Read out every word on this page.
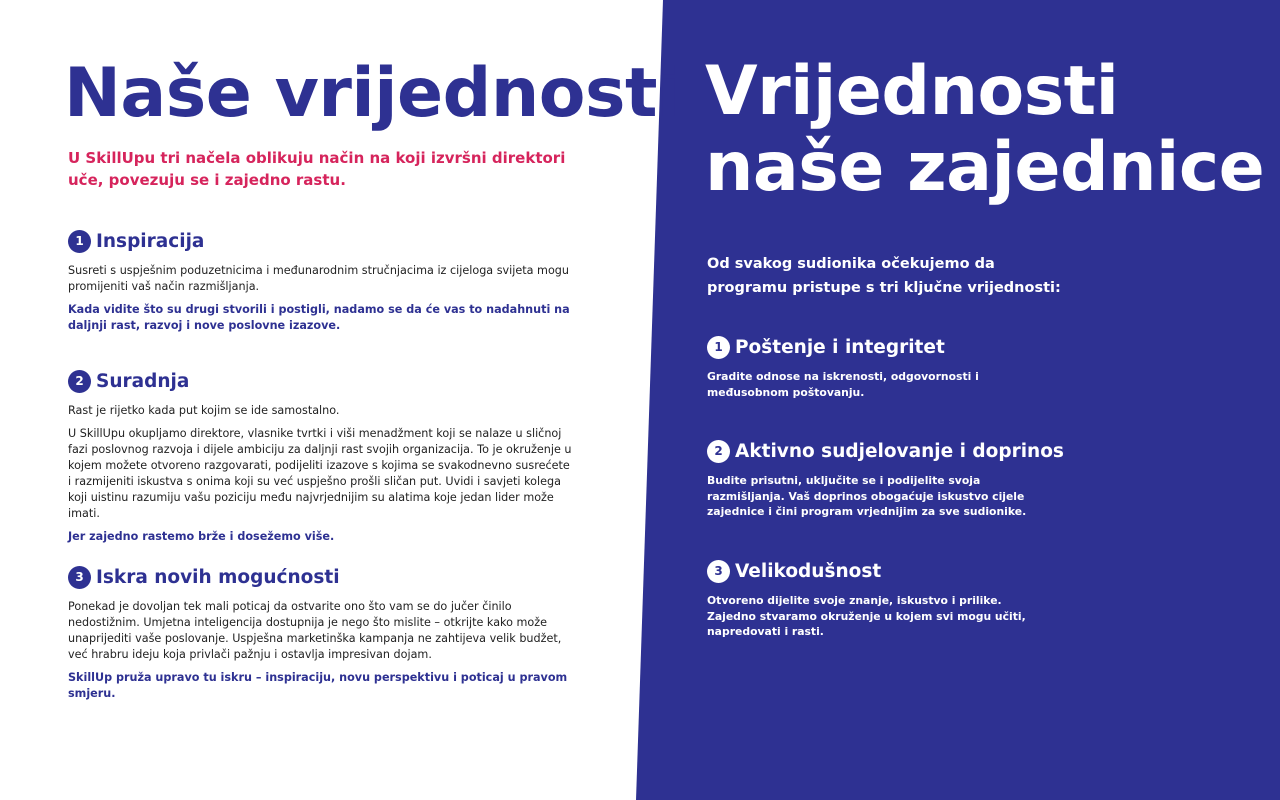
Naše vrijednosti

U SkillUpu tri načela oblikuju način na koji izvršni direktori uče, povezuju se i zajedno rastu.

1 Inspiracija

Susreti s uspješnim poduzetnicima i međunarodnim stručnjacima iz cijeloga svijeta mogu promijeniti vaš način razmišljanja.

Kada vidite što su drugi stvorili i postigli, nadamo se da će vas to nadahnuti na daljnji rast, razvoj i nove poslovne izazove.

2 Suradnja

Rast je rijetko kada put kojim se ide samostalno.

U SkillUpu okupljamo direktore, vlasnike tvrtki i viši menadžment koji se nalaze u sličnoj fazi poslovnog razvoja i dijele ambiciju za daljnji rast svojih organizacija. To je okruženje u kojem možete otvoreno razgovarati, podijeliti izazove s kojima se svakodnevno susrećete i razmijeniti iskustva s onima koji su već uspješno prošli sličan put. Uvidi i savjeti kolega koji uistinu razumiju vašu poziciju među najvrjednijim su alatima koje jedan lider može imati.

Jer zajedno rastemo brže i dosežemo više.

3 Iskra novih mogućnosti

Ponekad je dovoljan tek mali poticaj da ostvarite ono što vam se do jučer činilo nedostižnim. Umjetna inteligencija dostupnija je nego što mislite – otkrijte kako može unaprijediti vaše poslovanje. Uspješna marketinška kampanja ne zahtijeva velik budžet, već hrabru ideju koja privlači pažnju i ostavlja impresivan dojam.

SkillUp pruža upravo tu iskru – inspiraciju, novu perspektivu i poticaj u pravom smjeru.

Vrijednosti
naše zajednice

Od svakog sudionika očekujemo da programu pristupe s tri ključne vrijednosti:

1 Poštenje i integritet

Gradite odnose na iskrenosti, odgovornosti i međusobnom poštovanju.

2 Aktivno sudjelovanje i doprinos

Budite prisutni, uključite se i podijelite svoja razmišljanja. Vaš doprinos obogaćuje iskustvo cijele zajednice i čini program vrjednijim za sve sudionike.

3 Velikodušnost

Otvoreno dijelite svoje znanje, iskustvo i prilike. Zajedno stvaramo okruženje u kojem svi mogu učiti, napredovati i rasti.
